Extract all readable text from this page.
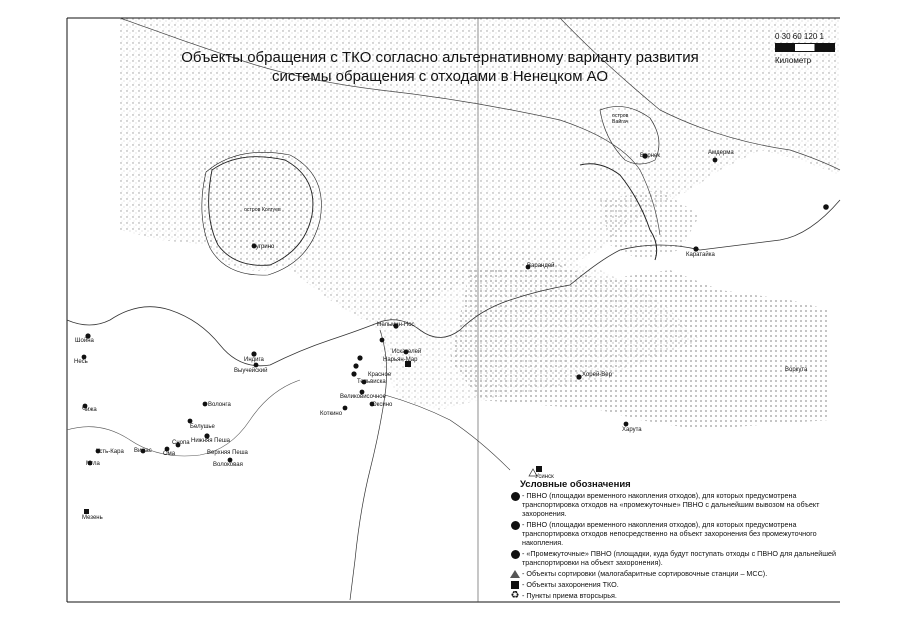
Объекты обращения с ТКО согласно альтернативному варианту развития
системы обращения с отходами в Ненецком АО
0 30 60 120 1
Километр
остров Колгуев
Бугрино
остров Вайгач
Варнек	Амдерма
Каратайка
Варандей
Хорей-Вер
Харута
Воркута
Нельмин-Нос
Нарьян-Мар
Искателей
Красное
Великовисочное
Тельвиска
Оксино
Коткино
Шойна
Индига
Выучейский
Волонга
Чижа
Несь
Белушье
Нижняя Пеша
Верхняя Пеша
Волоковая
Ома
Снопа
Вижас
Мгла
Мезень
Усть-Кара
Усинск
Условные обозначения
- ПВНО (площадки временного накопления отходов), для которых предусмотрена транспортировка отходов на «промежуточные» ПВНО с дальнейшим вывозом на объект захоронения.
- ПВНО (площадки временного накопления отходов), для которых предусмотрена транспортировка отходов непосредственно на объект захоронения без промежуточного накопления.
- «Промежуточные» ПВНО (площадки, куда будут поступать отходы с ПВНО для дальнейшей транспортировки на объект захоронения).
- Объекты сортировки (малогабаритные сортировочные станции – МСС).
- Объекты захоронения ТКО.
♻ - Пункты приема вторсырья.
